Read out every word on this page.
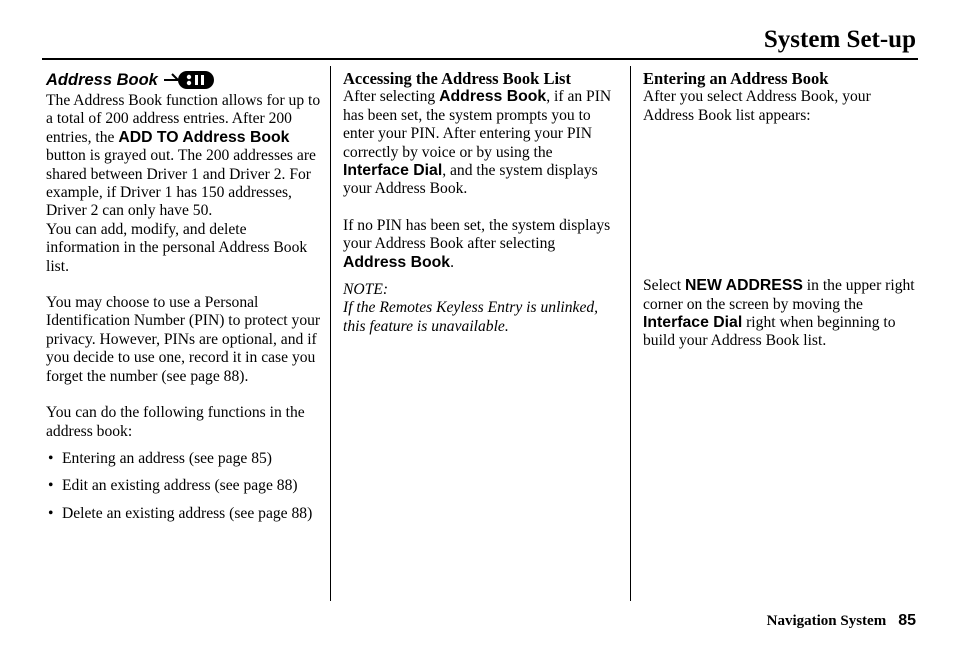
System Set-up
Address Book

The Address Book function allows for up to a total of 200 address entries. After 200 entries, the ADD TO Address Book button is grayed out. The 200 addresses are shared between Driver 1 and Driver 2. For example, if Driver 1 has 150 addresses, Driver 2 can only have 50.

You can add, modify, and delete information in the personal Address Book list.

You may choose to use a Personal Identification Number (PIN) to protect your privacy. However, PINs are optional, and if you decide to use one, record it in case you forget the number (see page 88).

You can do the following functions in the address book:

• Entering an address (see page 85)
• Edit an existing address (see page 88)
• Delete an existing address (see page 88)
Accessing the Address Book List

After selecting Address Book, if an PIN has been set, the system prompts you to enter your PIN. After entering your PIN correctly by voice or by using the Interface Dial, and the system displays your Address Book.

If no PIN has been set, the system displays your Address Book after selecting Address Book.

NOTE:

If the Remotes Keyless Entry is unlinked, this feature is unavailable.

Entering an Address Book

After you select Address Book, your Address Book list appears:

Select NEW ADDRESS in the upper right corner on the screen by moving the Interface Dial right when beginning to build your Address Book list.

Navigation System 85
